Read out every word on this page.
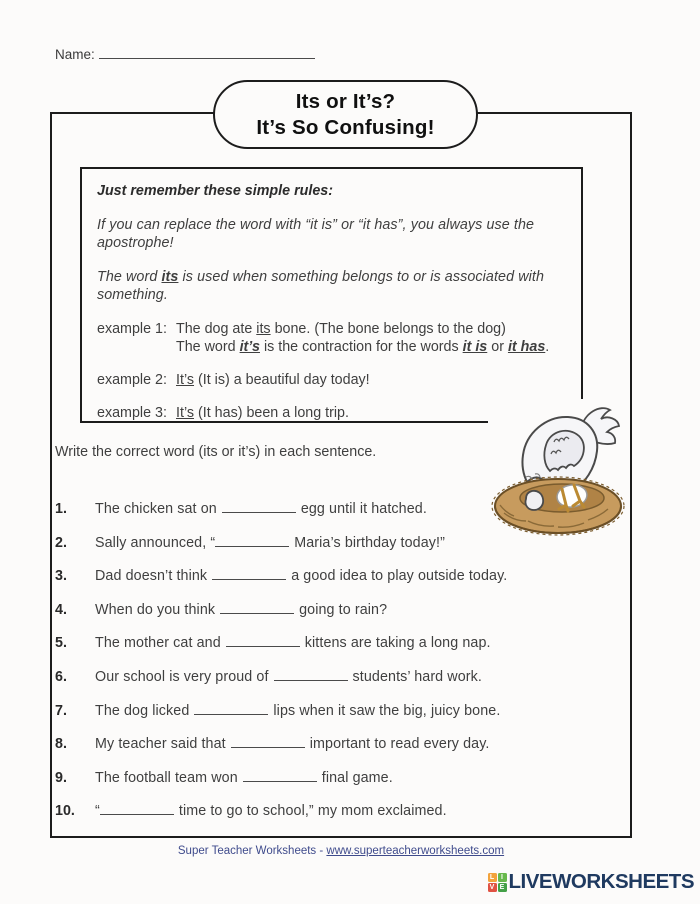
Name:
Its or It’s?
It’s So Confusing!
Just remember these simple rules:
If you can replace the word with “it is” or “it has”, you always use the apostrophe!
The word its is used when something belongs to or is associated with something.
example 1: The dog ate its bone. (The bone belongs to the dog)
The word it’s is the contraction for the words it is or it has.
example 2: It’s (It is) a beautiful day today!
example 3: It’s (It has) been a long trip.
Write the correct word (its or it’s) in each sentence.
1.	The chicken sat on	egg until it hatched.
2.	Sally announced, “	Maria’s birthday today!”
3.	Dad doesn’t think	a good idea to play outside today.
4.	When do you think	going to rain?
5.	The mother cat and	kittens are taking a long nap.
6.	Our school is very proud of	students’ hard work.
7.	The dog licked	lips when it saw the big, juicy bone.
8.	My teacher said that	important to read every day.
9.	The football team won	final game.
10.	“	time to go to school,” my mom exclaimed.
Super Teacher Worksheets - www.superteacherworksheets.com
L I
V E LIVEWORKSHEETS
